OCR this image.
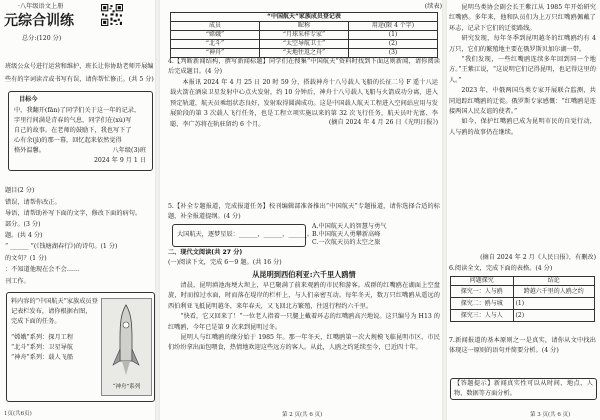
·八年级语文上册
元综合训练
总分:(120 分)
班级公众号进行运营和维护，班长让你协助老师开展编
些有的字词读音或书写有误，请你帮忙修正。(共 5 分)
目标今
中，我翻开(fān)了同学们关于这一年的记录，
字里行间满是青春的气息，同学们在(xù)写
自己的故事。在老师的鼓励下，我也写下了
心有余(jì)的那一幕，回忆起来依然觉得
格外温馨。	八年级(3)班
2024 年 9 月 1 日
题目(2 分)
错误，请帮你改正。
导语，请帮助补写下面的文字，修改下面的病句。
部分。(3 分)
题。(共 4 分)
“ ______ ”(《钱塘湖春行》)的诗句。(1 分)
的文句？(1 分)
：不知道他现在会不会……
刊工作。
料内容的“中国航天”家族成员登
记表栏发布，请你根据右图，
完成下面的任务。
“嫦娥”系列：探月工程
“北斗”系列：卫星导航
“神舟”系列：载人飞船
“神舟”系列
1页(共6页)
(续表)
“中国航天”家族成员登记表		
成员	昵称	用途(限 4 个字)
“嫦娥”	“月球采样专家”	(1)
“北斗”	“太空导航卫士”	(2)
“神舟”	“天地往返之舟”	(3)

4.【判断新闻结构，撰写新闻标题】同学们在搜集“中国航天”资料时找到下面这则新闻，请你阅读后完成题目。(4 分)

本报讯 2024 年 4 月 25 日 20 时 59 分，搭载神舟十八号载人飞船的长征二号 F 遥十八运载火箭在酒泉卫星发射中心点火发射，约 10 分钟后，神舟十八号载人飞船与火箭成功分离，进入预定轨道，航天员乘组状态良好，发射取得圆满成功。这是中国载人航天工程进入空间站应用与发展阶段的第 3 次载人飞行任务，也是工程立项实施以来的第 32 次飞行任务，航天员叶光富、李聪、李广苏将在轨驻留约 6 个月。	(摘自 2024 年 4 月 26 日《光明日报》)

5.【补全专题报道，完成报道任务】校刊编辑部准备推出“中国航天”专题报道，请你选择合适的标题，补全报道提纲。(4 分)

大国航天，逐梦星辰：______，______，______。
A.中国航天人的智慧与勇气
B.中国航天人勇攀新高峰
C.一次航天员的太空之旅
二、现代文阅读(共 27 分)
(一)阅读下文，完成 6～9 题。(共 16 分)
从昆明到西伯利亚:六千里人鸥情

清晨，昆明滇池海埂大坝上，早已聚满了前来观鸥的市民和游客。成群的红嘴鸥在湖面上空盘旋，时而掠过水面，时而落在堤岸的栏杆上，与人们亲密互动。每年冬天，数万只红嘴鸥从遥远的西伯利亚飞抵昆明越冬，来年春天，又飞回北方繁殖，往返行程约六千里。

“快看，它又回来了！”一位老人指着一只腿上戴着环志的红嘴鸥高兴地说。这只编号为 H13 的红嘴鸥，今年已是第 9 次来到昆明过冬。

昆明人与红嘴鸥的缘分始于 1985 年。那一年冬天，红嘴鸥第一次大规模飞临昆明市区，市民们纷纷拿出面包喂食，热情地欢迎这些远方的客人。从此，人鸥之约延续至今，已近四十年。

第 2 页(共 6 页)

昆明鸟类协会副会长王紫江从 1985 年开始研究红嘴鸥。多年来，他和队员们为上万只红嘴鸥佩戴了环志，记录下它们的迁徙路线。

研究发现，每年冬季到昆明越冬的红嘴鸥约有 4 万只，它们的繁殖地主要在俄罗斯贝加尔湖一带。

“我们发现，一些红嘴鸥连续多年回到同一个地方。”王紫江说，“这说明它们记得昆明，也记得这里的人。”

2023 年，中俄两国鸟类专家开展联合监测，共同追踪红嘴鸥的迁徙。俄罗斯专家感慨：“红嘴鸥是连接两国人民友谊的使者。”

如今，保护红嘴鸥已成为昆明市民的自觉行动，人与鸥的故事仍在继续。

(摘自 2024 年 2 月《人民日报》，有删改)
6.阅读全文，完成下面的表格。(4 分)
问题探究	结论
探究一：人与鸥	跨越六千里的人鸥之约
探究二：鸥与城	(1)
探究三：人与人	(2)

7.新闻报道的基本原则之一是真实，请你从文中找出体现这一原则的语句并简要分析。(4 分)

【答题提示】新闻真实性可以从时间、地点、人物、数据等方面分析。

第 3 页(共 6 页)
